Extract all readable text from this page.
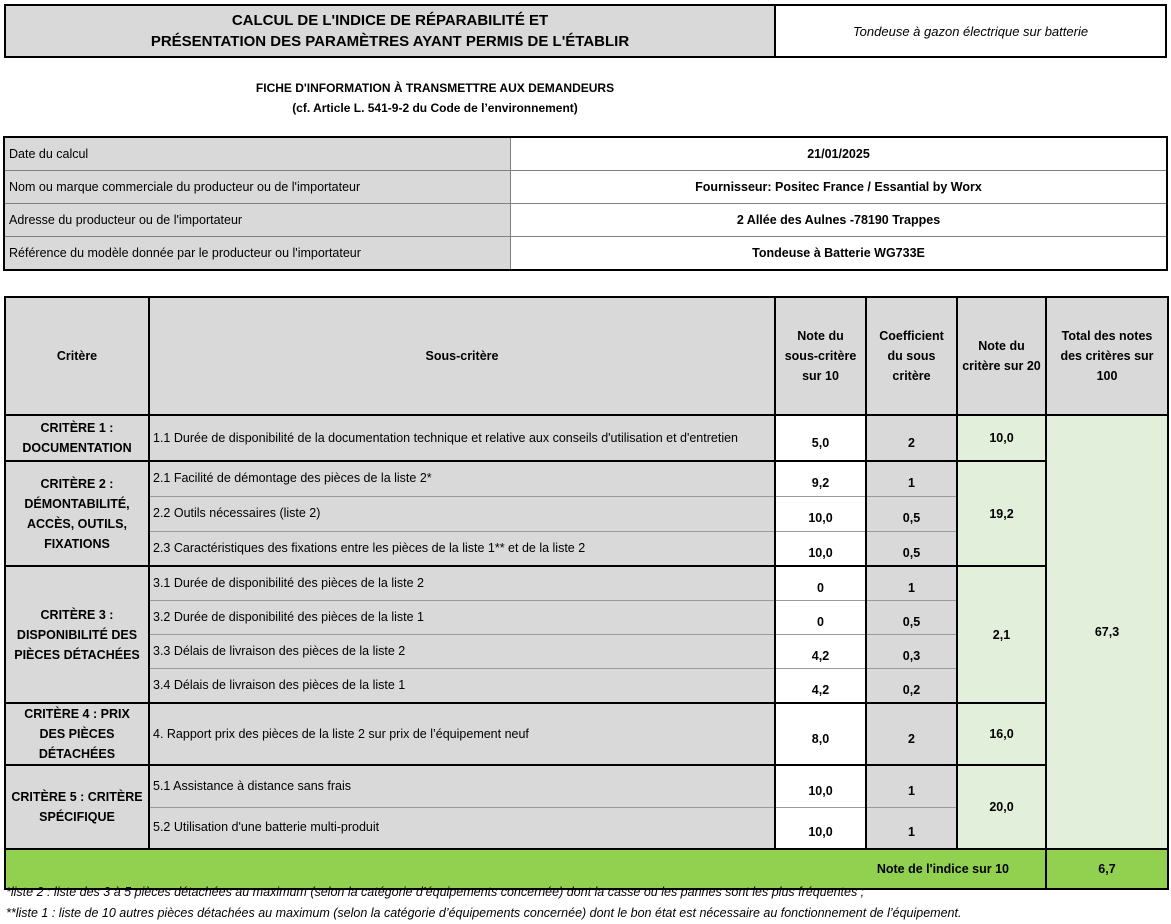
CALCUL DE L'INDICE DE RÉPARABILITÉ ET
PRÉSENTATION DES PARAMÈTRES AYANT PERMIS DE L'ÉTABLIR
Tondeuse à gazon électrique sur batterie
FICHE D'INFORMATION À TRANSMETTRE AUX DEMANDEURS
(cf. Article L. 541-9-2 du Code de l’environnement)
Date du calcul	21/01/2025
Nom ou marque commerciale du producteur ou de l'importateur	Fournisseur: Positec France / Essantial by Worx
Adresse du producteur ou de l'importateur	2 Allée des Aulnes -78190 Trappes
Référence du modèle donnée par le producteur ou l'importateur	Tondeuse à Batterie WG733E
Critère	Sous-critère	Note du sous-critère sur 10	Coefficient du sous critère	Note du critère sur 20	Total des notes des critères sur 100
CRITÈRE 1 : DOCUMENTATION	1.1 Durée de disponibilité de la documentation technique et relative aux conseils d'utilisation et d'entretien	5,0	2	10,0	67,3
CRITÈRE 2 : DÉMONTABILITÉ, ACCÈS, OUTILS, FIXATIONS	2.1 Facilité de démontage des pièces de la liste 2*	9,2	1	19,2	
	2.2 Outils nécessaires (liste 2)	10,0	0,5		
	2.3 Caractéristiques des fixations entre les pièces de la liste 1** et de la liste 2	10,0	0,5		
CRITÈRE 3 : DISPONIBILITÉ DES PIÈCES DÉTACHÉES	3.1 Durée de disponibilité des pièces de la liste 2	0	1	2,1	
	3.2 Durée de disponibilité des pièces de la liste 1	0	0,5		
	3.3 Délais de livraison des pièces de la liste 2	4,2	0,3		
	3.4 Délais de livraison des pièces de la liste 1	4,2	0,2		
CRITÈRE 4 : PRIX DES PIÈCES DÉTACHÉES	4. Rapport prix des pièces de la liste 2 sur prix de l’équipement neuf	8,0	2	16,0	
CRITÈRE 5 : CRITÈRE SPÉCIFIQUE	5.1 Assistance à distance sans frais	10,0	1	20,0	
	5.2 Utilisation d'une batterie multi-produit	10,0	1		
Note de l'indice sur 10					6,7
*liste 2 : liste des 3 à 5 pièces détachées au maximum (selon la catégorie d’équipements concernée) dont la casse ou les pannes sont les plus fréquentes ;
**liste 1 : liste de 10 autres pièces détachées au maximum (selon la catégorie d’équipements concernée) dont le bon état est nécessaire au fonctionnement de l’équipement.
